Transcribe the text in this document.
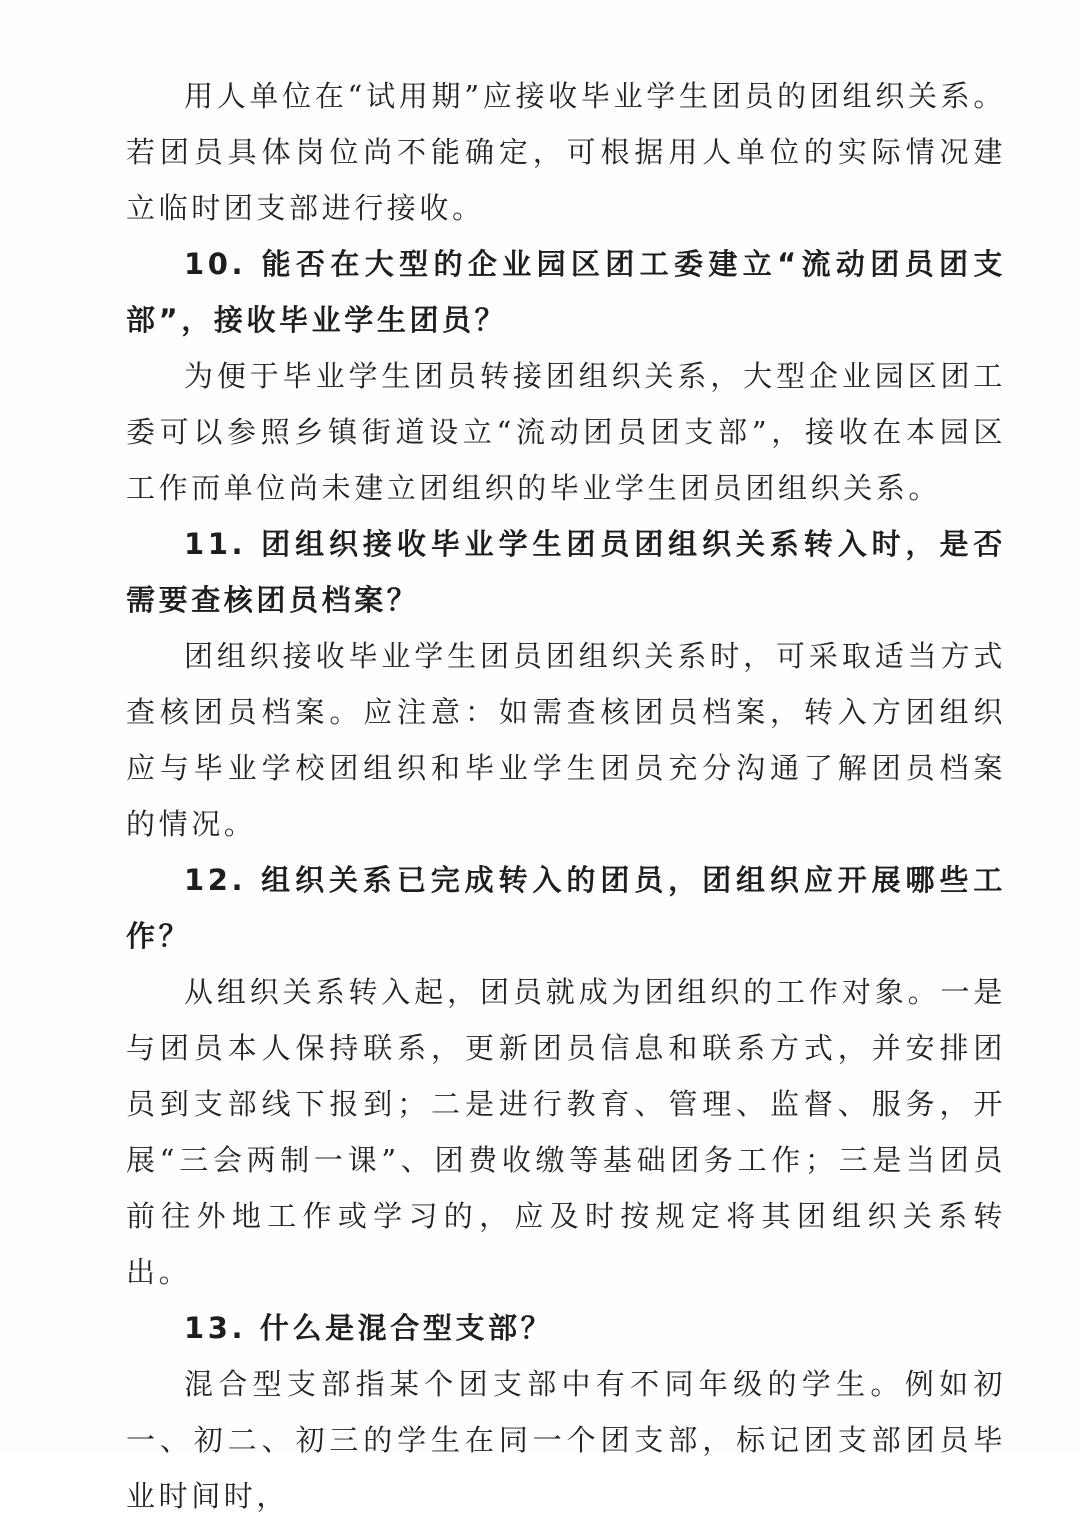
用人单位在“试用期”应接收毕业学生团员的团组织关系。若团员具体岗位尚不能确定，可根据用人单位的实际情况建立临时团支部进行接收。

10. 能否在大型的企业园区团工委建立“流动团员团支部”，接收毕业学生团员？

为便于毕业学生团员转接团组织关系，大型企业园区团工委可以参照乡镇街道设立“流动团员团支部”，接收在本园区工作而单位尚未建立团组织的毕业学生团员团组织关系。

11. 团组织接收毕业学生团员团组织关系转入时，是否需要查核团员档案？

团组织接收毕业学生团员团组织关系时，可采取适当方式查核团员档案。应注意：如需查核团员档案，转入方团组织应与毕业学校团组织和毕业学生团员充分沟通了解团员档案的情况。

12. 组织关系已完成转入的团员，团组织应开展哪些工作？

从组织关系转入起，团员就成为团组织的工作对象。一是与团员本人保持联系，更新团员信息和联系方式，并安排团员到支部线下报到；二是进行教育、管理、监督、服务，开展“三会两制一课”、团费收缴等基础团务工作；三是当团员前往外地工作或学习的，应及时按规定将其团组织关系转出。

13. 什么是混合型支部？

混合型支部指某个团支部中有不同年级的学生。例如初一、初二、初三的学生在同一个团支部，标记团支部团员毕业时间时，
